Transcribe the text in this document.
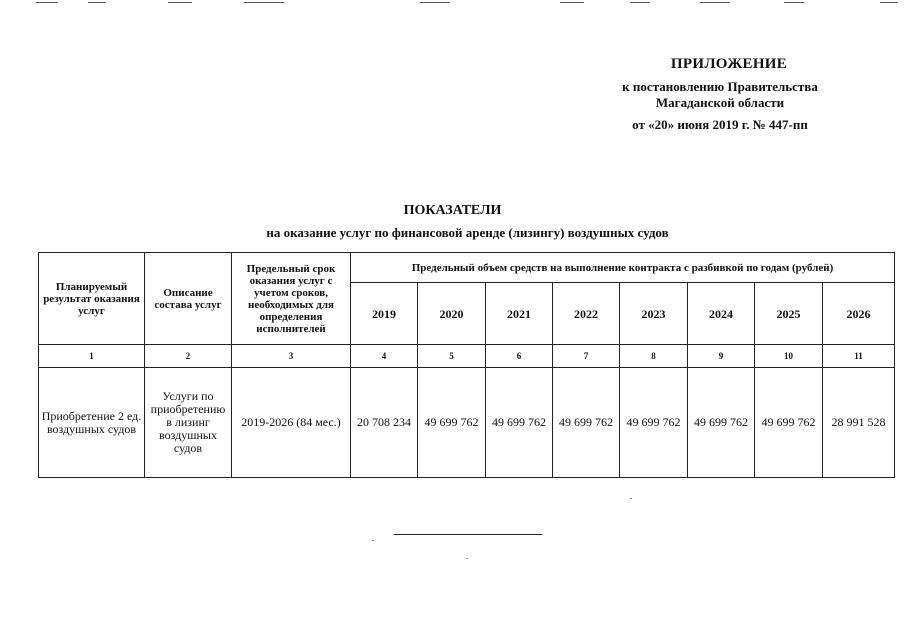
ПРИЛОЖЕНИЕ
к постановлению Правительства
Магаданской области
от «20» июня 2019 г. № 447-пп
ПОКАЗАТЕЛИ
на оказание услуг по финансовой аренде (лизингу) воздушных судов
Планируемый результат оказания услуг	Описание состава услуг	Предельный срок оказания услуг с учетом сроков, необходимых для определения исполнителей	Предельный объем средств на выполнение контракта с разбивкой по годам (рублей)							
			2019	2020	2021	2022	2023	2024	2025	2026
1	2	3	4	5	6	7	8	9	10	11
Приобретение 2 ед. воздушных судов	Услуги по приобретению в лизинг воздушных судов	2019-2026 (84 мес.)	20 708 234	49 699 762	49 699 762	49 699 762	49 699 762	49 699 762	49 699 762	28 991 528
